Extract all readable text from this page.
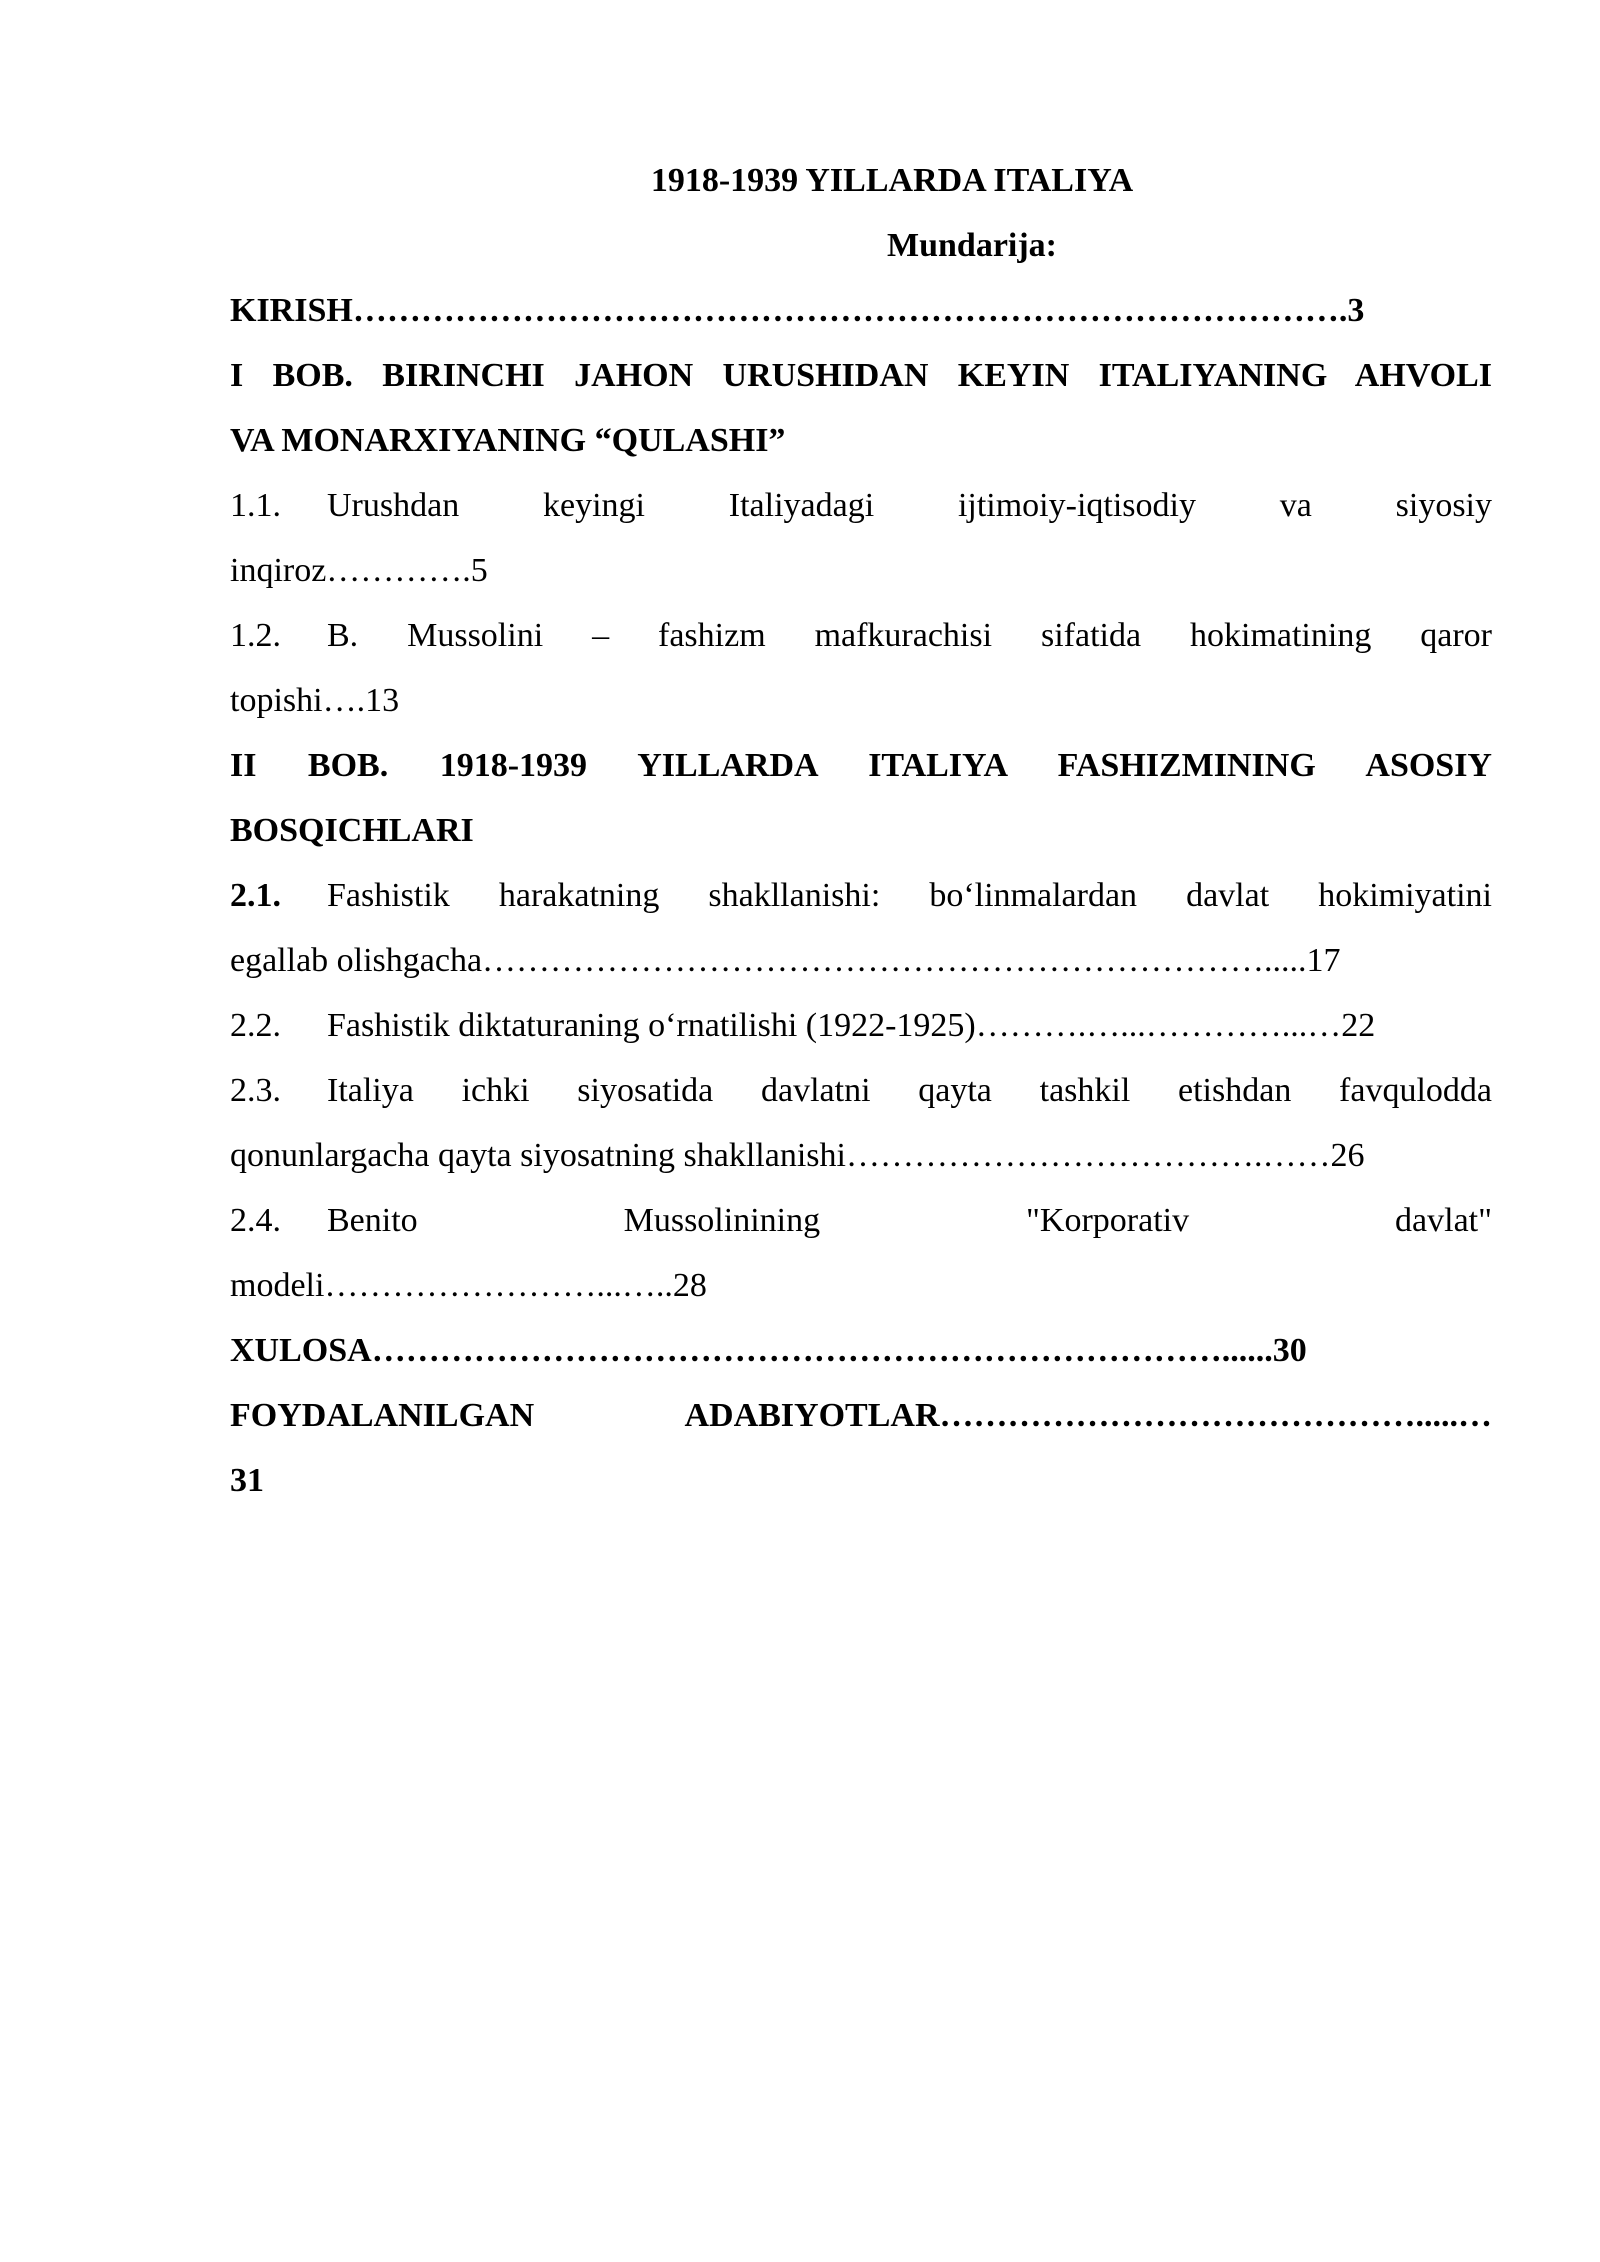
1918-1939 YILLARDA ITALIYA
Mundarija:
KIRISH…………………………………………………………………………….3
I BOB. BIRINCHI JAHON URUSHIDAN KEYIN ITALIYANING AHVOLI
VA MONARXIYANING “QULASHI”
1.1. Urushdan keyingi Italiyadagi ijtimoiy-iqtisodiy va siyosiy
inqiroz………….5
1.2. B. Mussolini – fashizm mafkurachisi sifatida hokimatining qaror
topishi….13
II BOB. 1918-1939 YILLARDA ITALIYA FASHIZMINING ASOSIY
BOSQICHLARI
2.1. Fashistik harakatning shakllanishi: bo‘linmalardan davlat hokimiyatini
egallab olishgacha…………………………………………………………….....17
2.2. Fashistik diktaturaning o‘rnatilishi (1922-1925)……….…...…………...…22
2.3. Italiya ichki siyosatida davlatni qayta tashkil etishdan favqulodda
qonunlargacha qayta siyosatning shakllanishi……………………………….……26
2.4. Benito Mussolinining "Korporativ davlat"
modeli……………………...…..28
XULOSA…………………………………………………………………......30
FOYDALANILGAN ADABIYOTLAR…………………………………….....…
31
